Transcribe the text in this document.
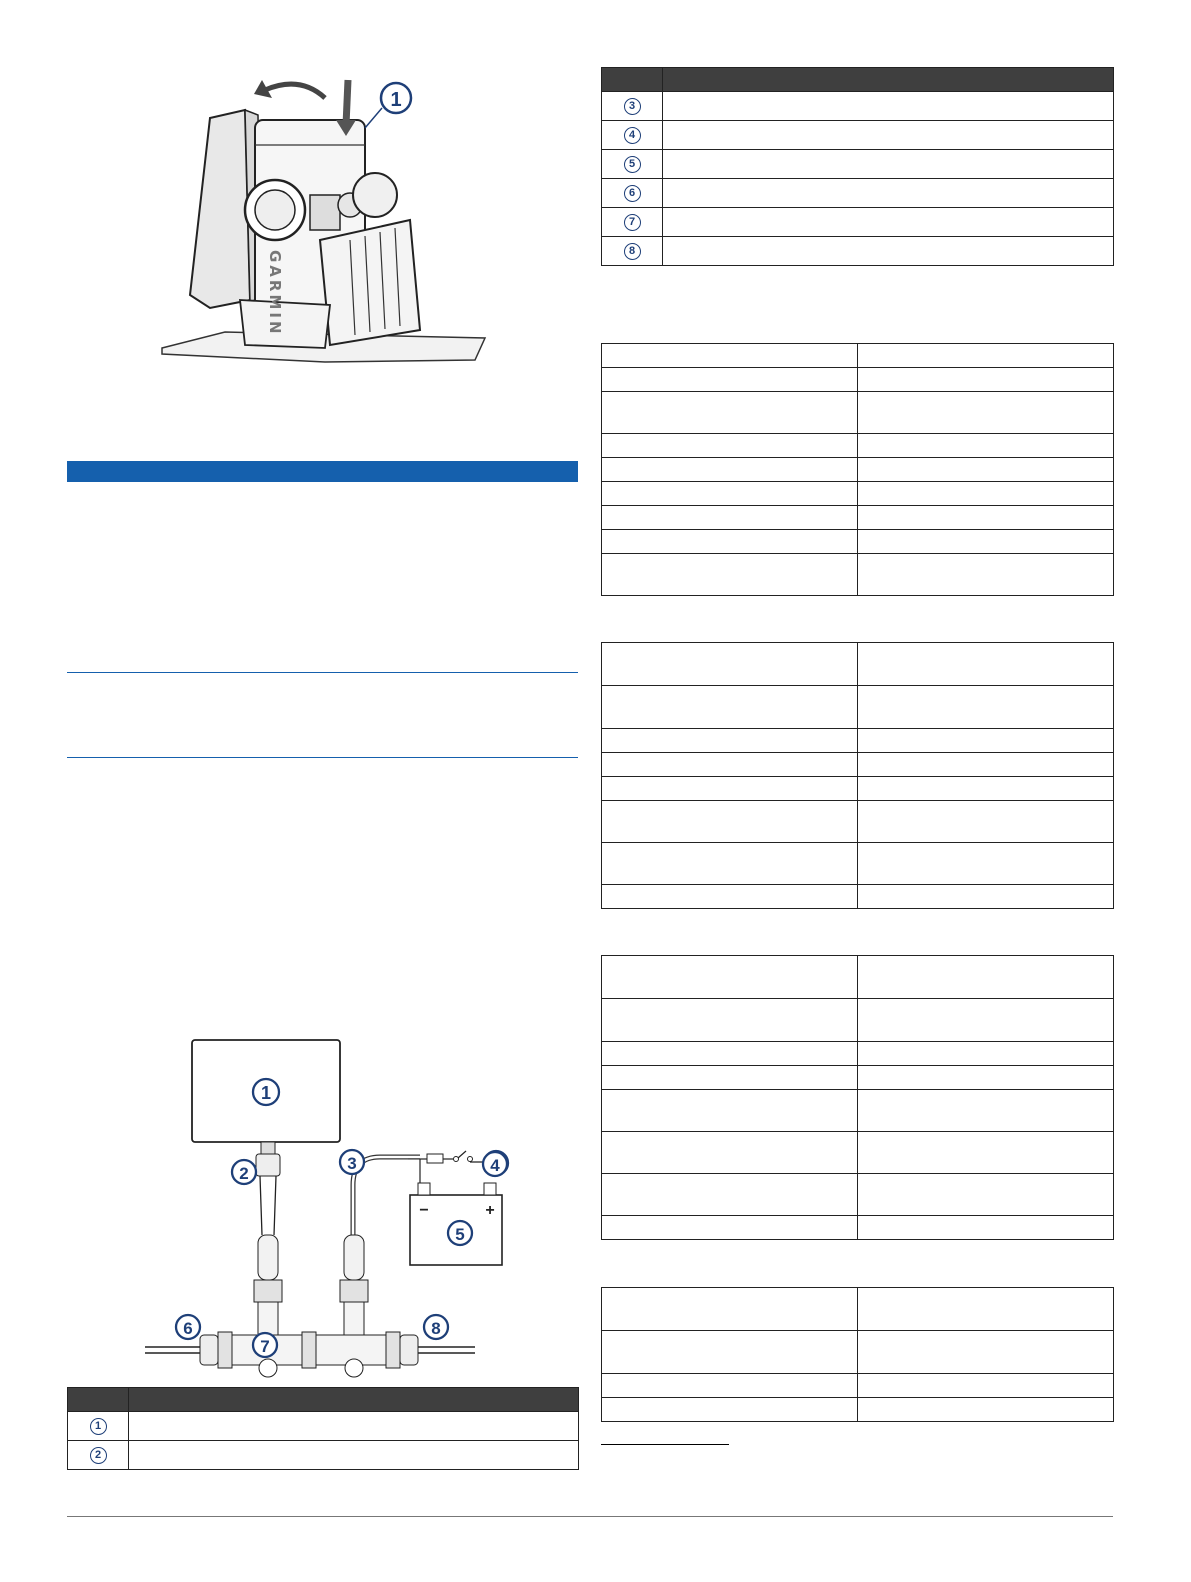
GARMIN
1
1
−	+
5
2
3
6
7
8
4

1	
2	

3	
4	
5	
6	
7	
8	
